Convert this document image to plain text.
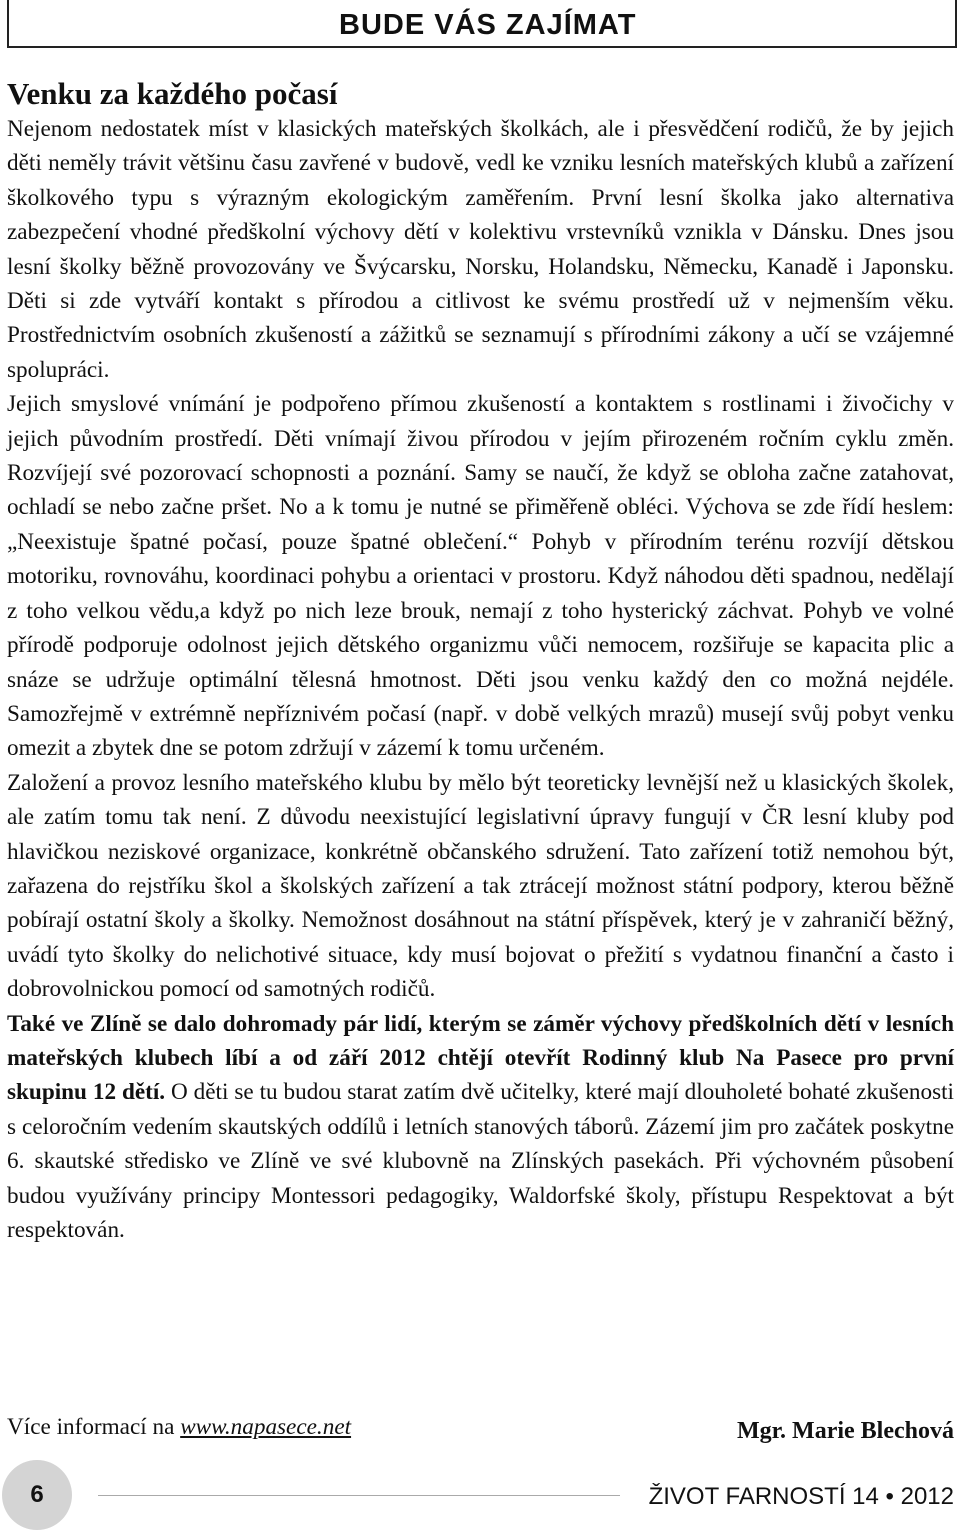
BUDE VÁS ZAJÍMAT
Venku za každého počasí

Nejenom nedostatek míst v klasických mateřských školkách, ale i přesvědčení rodičů, že by jejich děti neměly trávit většinu času zavřené v budově, vedl ke vzniku lesních mateřských klubů a zařízení školkového typu s výrazným ekologickým zaměřením. První lesní školka jako alternativa zabezpečení vhodné předškolní výchovy dětí v kolektivu vrstevníků vznikla v Dánsku. Dnes jsou lesní školky běžně provozovány ve Švýcarsku, Norsku, Holandsku, Německu, Kanadě i Japonsku. Děti si zde vytváří kontakt s přírodou a citlivost ke svému prostředí už v nejmenším věku. Prostřednictvím osobních zkušeností a zážitků se seznamují s přírodními zákony a učí se vzájemné spolupráci.

Jejich smyslové vnímání je podpořeno přímou zkušeností a kontaktem s rostlinami i živočichy v jejich původním prostředí. Děti vnímají živou přírodou v jejím přirozeném ročním cyklu změn. Rozvíjejí své pozorovací schopnosti a poznání. Samy se naučí, že když se obloha začne zatahovat, ochladí se nebo začne pršet. No a k tomu je nutné se přiměřeně obléci. Výchova se zde řídí heslem: „Neexistuje špatné počasí, pouze špatné oblečení.“ Pohyb v přírodním terénu rozvíjí dětskou motoriku, rovnováhu, koordinaci pohybu a orientaci v prostoru. Když náhodou děti spadnou, nedělají z toho velkou vědu,a když po nich leze brouk, nemají z toho hysterický záchvat. Pohyb ve volné přírodě podporuje odolnost jejich dětského organizmu vůči nemocem, rozšiřuje se kapacita plic a snáze se udržuje optimální tělesná hmotnost. Děti jsou venku každý den co možná nejdéle. Samozřejmě v extrémně nepříznivém počasí (např. v době velkých mrazů) musejí svůj pobyt venku omezit a zbytek dne se potom zdržují v zázemí k tomu určeném.

Založení a provoz lesního mateřského klubu by mělo být teoreticky levnější než u klasických školek, ale zatím tomu tak není. Z důvodu neexistující legislativní úpravy fungují v ČR lesní kluby pod hlavičkou neziskové organizace, konkrétně občanského sdružení. Tato zařízení totiž nemohou být, zařazena do rejstříku škol a školských zařízení a tak ztrácejí možnost státní podpory, kterou běžně pobírají ostatní školy a školky. Nemožnost dosáhnout na státní příspěvek, který je v zahraničí běžný, uvádí tyto školky do nelichotivé situace, kdy musí bojovat o přežití s vydatnou finanční a často i dobrovolnickou pomocí od samotných rodičů.

Také ve Zlíně se dalo dohromady pár lidí, kterým se záměr výchovy předškolních dětí v lesních mateřských klubech líbí a od září 2012 chtějí otevřít Rodinný klub Na Pasece pro první skupinu 12 dětí. O děti se tu budou starat zatím dvě učitelky, které mají dlouholeté bohaté zkušenosti s celoročním vedením skautských oddílů i letních stanových táborů. Zázemí jim pro začátek poskytne 6. skautské středisko ve Zlíně ve své klubovně na Zlínských pasekách. Při výchovném působení budou využívány principy Montessori pedagogiky, Waldorfské školy, přístupu Respektovat a být respektován.

Více informací na www.napasece.net	Mgr. Marie Blechová
6	ŽIVOT FARNOSTÍ 14 • 2012
